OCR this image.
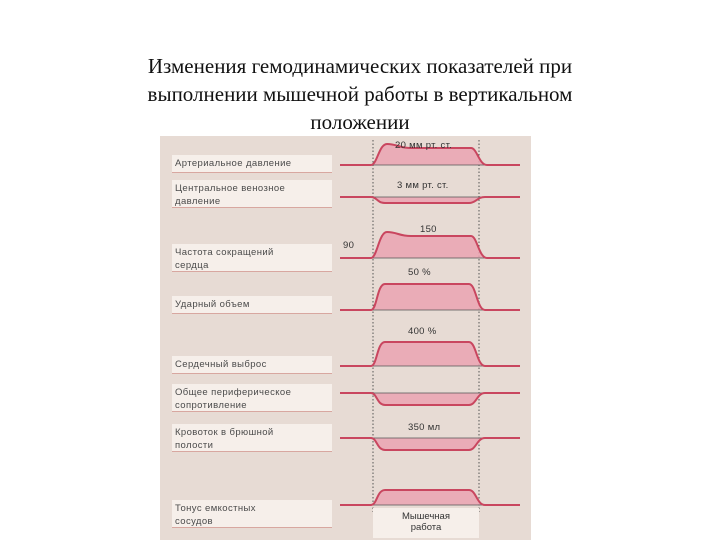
Изменения гемодинамических показателей при
выполнении мышечной работы в вертикальном
положении
Артериальное давление
Центральное венозное
давление
Частота сокращений
сердца
Ударный объем
Сердечный выброс
Общее периферическое
сопротивление
Кровоток в брюшной
полости
Тонус емкостных
сосудов
20 мм рт. ст.
3 мм рт. ст.
150
90
50 %
400 %
350 мл
Мышечная
работа
